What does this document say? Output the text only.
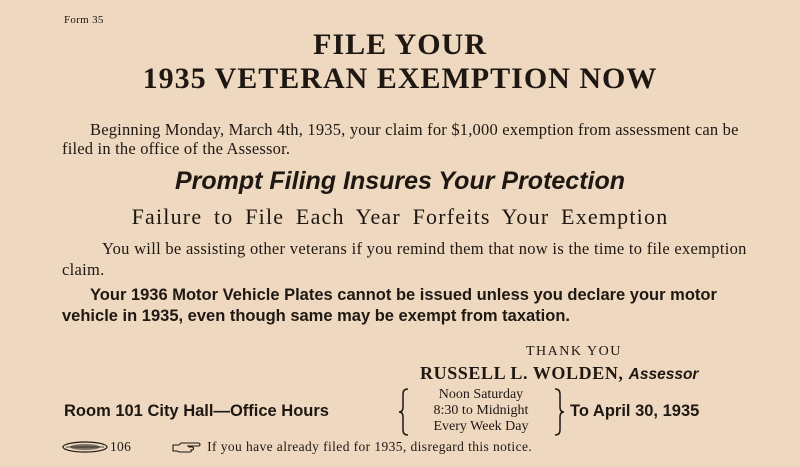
Form 35
FILE YOUR
1935 VETERAN EXEMPTION NOW
Beginning Monday, March 4th, 1935, your claim for $1,000 exemption from assessment can be filed in the office of the Assessor.
Prompt Filing Insures Your Protection
Failure to File Each Year Forfeits Your Exemption
You will be assisting other veterans if you remind them that now is the time to file exemption claim.
Your 1936 Motor Vehicle Plates cannot be issued unless you declare your motor vehicle in 1935, even though same may be exempt from taxation.
THANK YOU
RUSSELL L. WOLDEN, Assessor
Room 101 City Hall—Office Hours
Noon Saturday
8:30 to Midnight
Every Week Day
To April 30, 1935
106	If you have already filed for 1935, disregard this notice.
